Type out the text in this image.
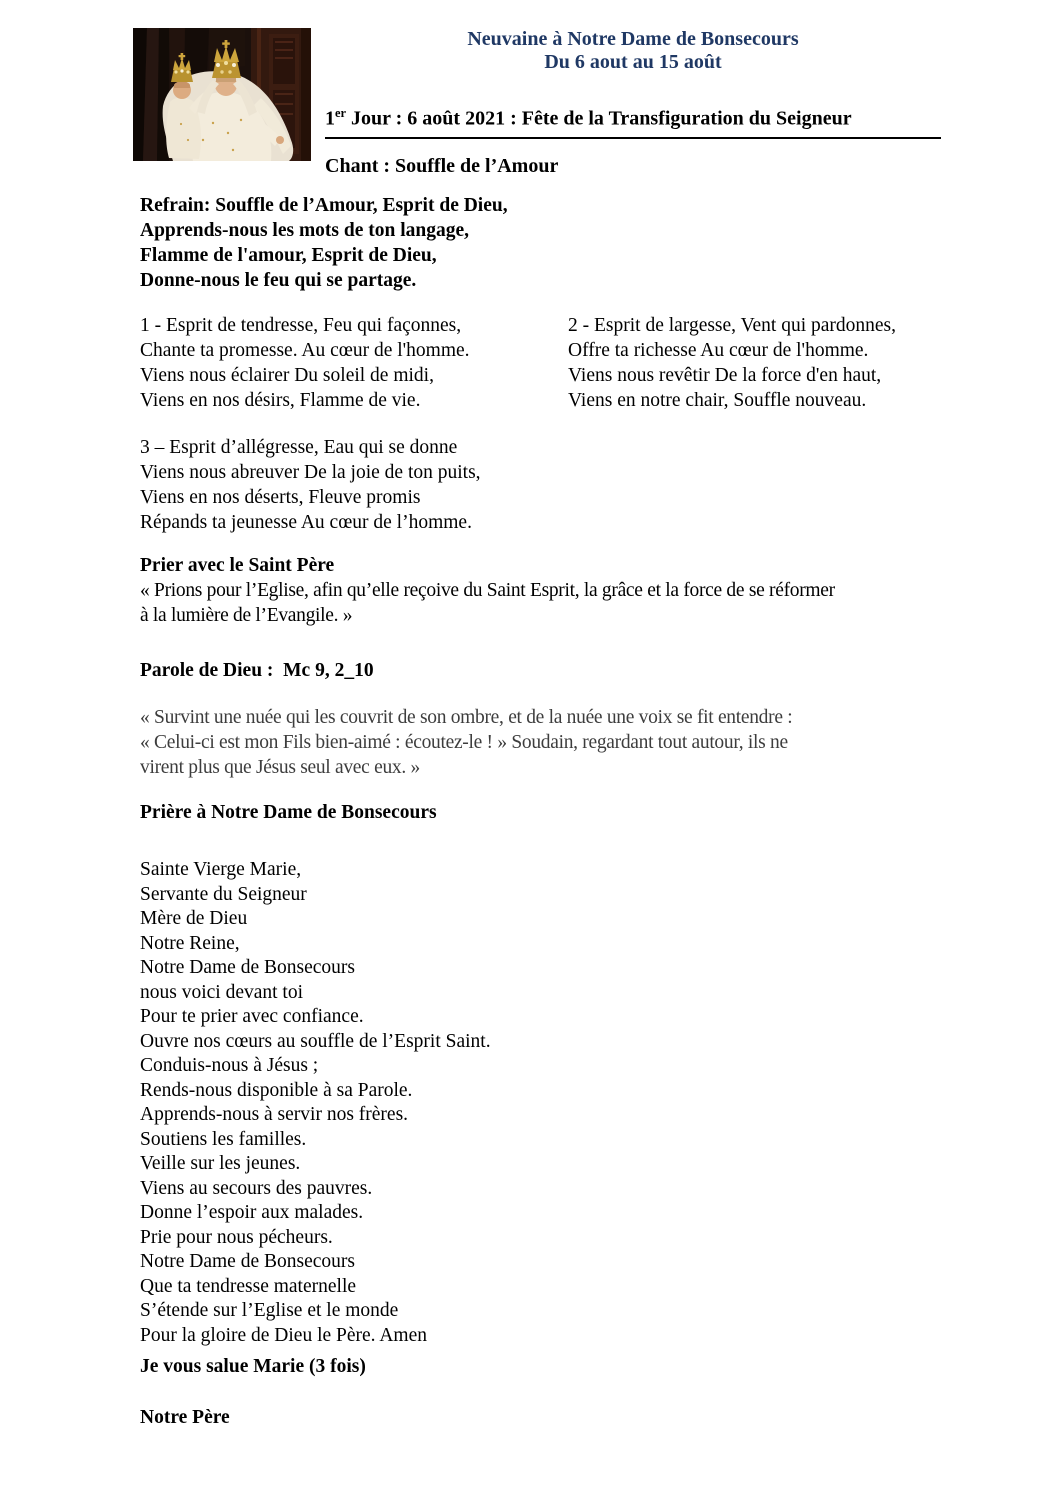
Neuvaine à Notre Dame de Bonsecours
Du 6 aout au 15 août
1er Jour : 6 août 2021 : Fête de la Transfiguration du Seigneur
Chant : Souffle de l’Amour
Refrain: Souffle de l’Amour, Esprit de Dieu,
Apprends-nous les mots de ton langage,
Flamme de l'amour, Esprit de Dieu,
Donne-nous le feu qui se partage.
1 - Esprit de tendresse, Feu qui façonnes,
Chante ta promesse. Au cœur de l'homme.
Viens nous éclairer Du soleil de midi,
Viens en nos désirs, Flamme de vie.
2 - Esprit de largesse, Vent qui pardonnes,
Offre ta richesse Au cœur de l'homme.
Viens nous revêtir De la force d'en haut,
Viens en notre chair, Souffle nouveau.
3 – Esprit d’allégresse, Eau qui se donne
Viens nous abreuver De la joie de ton puits,
Viens en nos déserts, Fleuve promis
Répands ta jeunesse Au cœur de l’homme.
Prier avec le Saint Père
« Prions pour l’Eglise, afin qu’elle reçoive du Saint Esprit, la grâce et la force de se réformer
à la lumière de l’Evangile. »
Parole de Dieu :  Mc 9, 2_10
« Survint une nuée qui les couvrit de son ombre, et de la nuée une voix se fit entendre :
« Celui-ci est mon Fils bien-aimé : écoutez-le ! » Soudain, regardant tout autour, ils ne
virent plus que Jésus seul avec eux. »
Prière à Notre Dame de Bonsecours
Sainte Vierge Marie,
Servante du Seigneur
Mère de Dieu
Notre Reine,
Notre Dame de Bonsecours
nous voici devant toi
Pour te prier avec confiance.
Ouvre nos cœurs au souffle de l’Esprit Saint.
Conduis-nous à Jésus ;
Rends-nous disponible à sa Parole.
Apprends-nous à servir nos frères.
Soutiens les familles.
Veille sur les jeunes.
Viens au secours des pauvres.
Donne l’espoir aux malades.
Prie pour nous pécheurs.
Notre Dame de Bonsecours
Que ta tendresse maternelle
S’étende sur l’Eglise et le monde
Pour la gloire de Dieu le Père. Amen
Je vous salue Marie (3 fois)
Notre Père
